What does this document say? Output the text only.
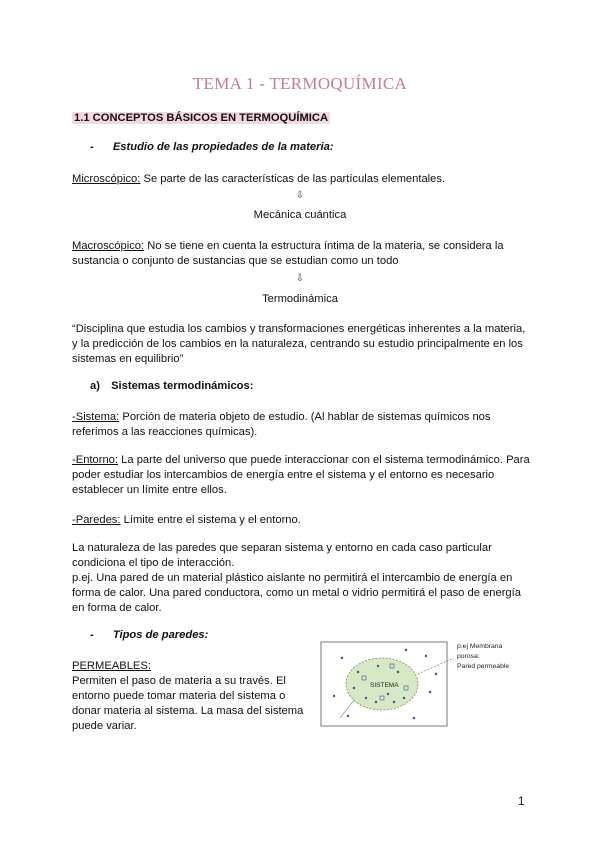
TEMA 1 - TERMOQUÍMICA
1.1 CONCEPTOS BÁSICOS EN TERMOQUÍMICA
- Estudio de las propiedades de la materia:
Microscópico: Se parte de las características de las partículas elementales.
⇩
Mecánica cuántica
Macroscópico: No se tiene en cuenta la estructura íntima de la materia, se considera la
sustancia o conjunto de sustancias que se estudian como un todo
⇩
Termodinámica
“Disciplina que estudia los cambios y transformaciones energéticas inherentes a la materia,
y la predicción de los cambios en la naturaleza, centrando su estudio principalmente en los
sistemas en equilibrio”
a) Sistemas termodinámicos:
-Sistema: Porción de materia objeto de estudio. (Al hablar de sistemas químicos nos
referimos a las reacciones químicas).
-Entorno: La parte del universo que puede interaccionar con el sistema termodinámico. Para
poder estudiar los intercambios de energía entre el sistema y el entorno es necesario
establecer un límite entre ellos.
-Paredes: Límite entre el sistema y el entorno.
La naturaleza de las paredes que separan sistema y entorno en cada caso particular
condiciona el tipo de interacción.
p.ej. Una pared de un material plástico aislante no permitirá el intercambio de energía en
forma de calor. Una pared conductora, como un metal o vidrio permitirá el paso de energía
en forma de calor.
- Tipos de paredes:
PERMEABLES:
Permiten el paso de materia a su través. El
entorno puede tomar materia del sistema o
donar materia al sistema. La masa del sistema
puede variar.
SISTEMA
p.ej Membrana
porosa:
Pared permeable
1
